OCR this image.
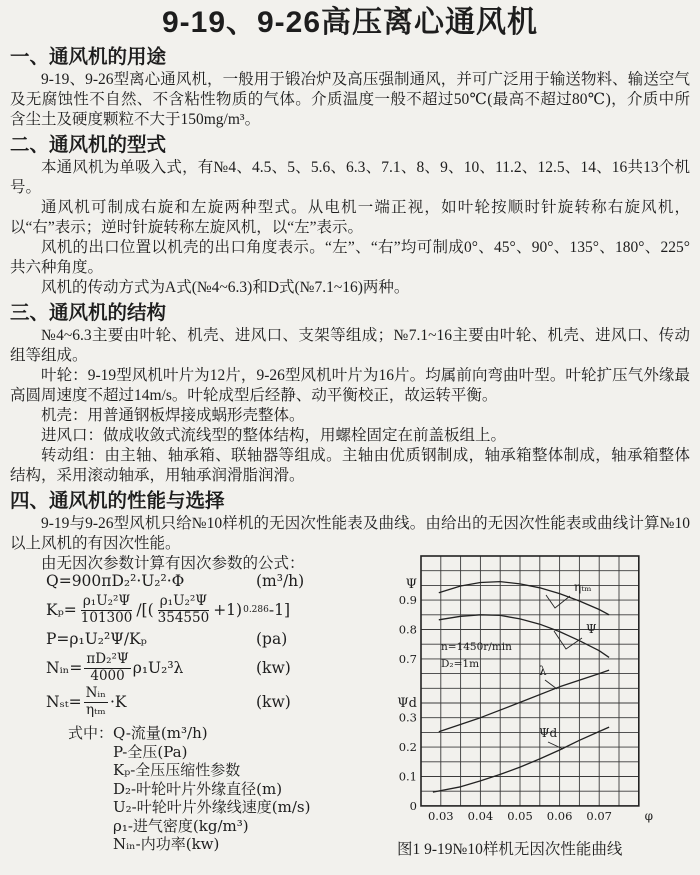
9-19、9-26高压离心通风机
一、通风机的用途

9-19、9-26型离心通风机，一般用于锻冶炉及高压强制通风，并可广泛用于输送物料、输送空气及无腐蚀性不自然、不含粘性物质的气体。介质温度一般不超过50℃(最高不超过80℃)，介质中所含尘土及硬度颗粒不大于150mg/m³。

二、通风机的型式

本通风机为单吸入式，有№4、4.5、5、5.6、6.3、7.1、8、9、10、11.2、12.5、14、16共13个机号。

通风机可制成右旋和左旋两种型式。从电机一端正视，如叶轮按顺时针旋转称右旋风机，以“右”表示；逆时针旋转称左旋风机，以“左”表示。

风机的出口位置以机壳的出口角度表示。“左”、“右”均可制成0°、45°、90°、135°、180°、225°共六种角度。

风机的传动方式为A式(№4~6.3)和D式(№7.1~16)两种。

三、通风机的结构

№4~6.3主要由叶轮、机壳、进风口、支架等组成；№7.1~16主要由叶轮、机壳、进风口、传动组等组成。

叶轮：9-19型风机叶片为12片，9-26型风机叶片为16片。均属前向弯曲叶型。叶轮扩压气外缘最高圆周速度不超过14m/s。叶轮成型后经静、动平衡校正，故运转平衡。

机壳：用普通钢板焊接成蜗形壳整体。

进风口：做成收敛式流线型的整体结构，用螺栓固定在前盖板组上。

转动组：由主轴、轴承箱、联轴器等组成。主轴由优质钢制成，轴承箱整体制成，轴承箱整体结构，采用滚动轴承，用轴承润滑脂润滑。

四、通风机的性能与选择

9-19与9-26型风机只给№10样机的无因次性能表及曲线。由给出的无因次性能表或曲线计算№10以上风机的有因次性能。

由无因次参数计算有因次参数的公式：

Q=900πD₂²·U₂²·Φ	(m³/h)
$K_p= \frac{\text{ρ₁U₂²Ψ}}{101300}$ /[( $\frac{\text{ρ₁U₂²Ψ}}{354550} +1$) 0.286 -1]
P=ρ₁U₂²Ψ/Kₚ	(pa)
Nᵢₙ= $\frac{\text{πD₂²Ψ}}{4000} \rho_1U_2^3\lambda$	(kw)
$N_{st}= \frac{\text{Nᵢₙ}}{\text{ηₜₘ}} \cdot K$	(kw)
式中： Q-流量(m³/h)
P-全压(Pa)
Kₚ-全压压缩性参数
D₂-叶轮叶片外缘直径(m)
U₂-叶轮叶片外缘线速度(m/s)
ρ₁-进气密度(kg/m³)
Nᵢₙ-内功率(kw)
0.03 0.04 0.05 0.06 0.07	φ
0.9
0.8
0.7
0.3
0.2
0.1
0
Ψ
Ψd
n=1450r/min
D₂=1m
ηₜₘ
Ψ
λ
Ψd
图1 9-19№10样机无因次性能曲线
